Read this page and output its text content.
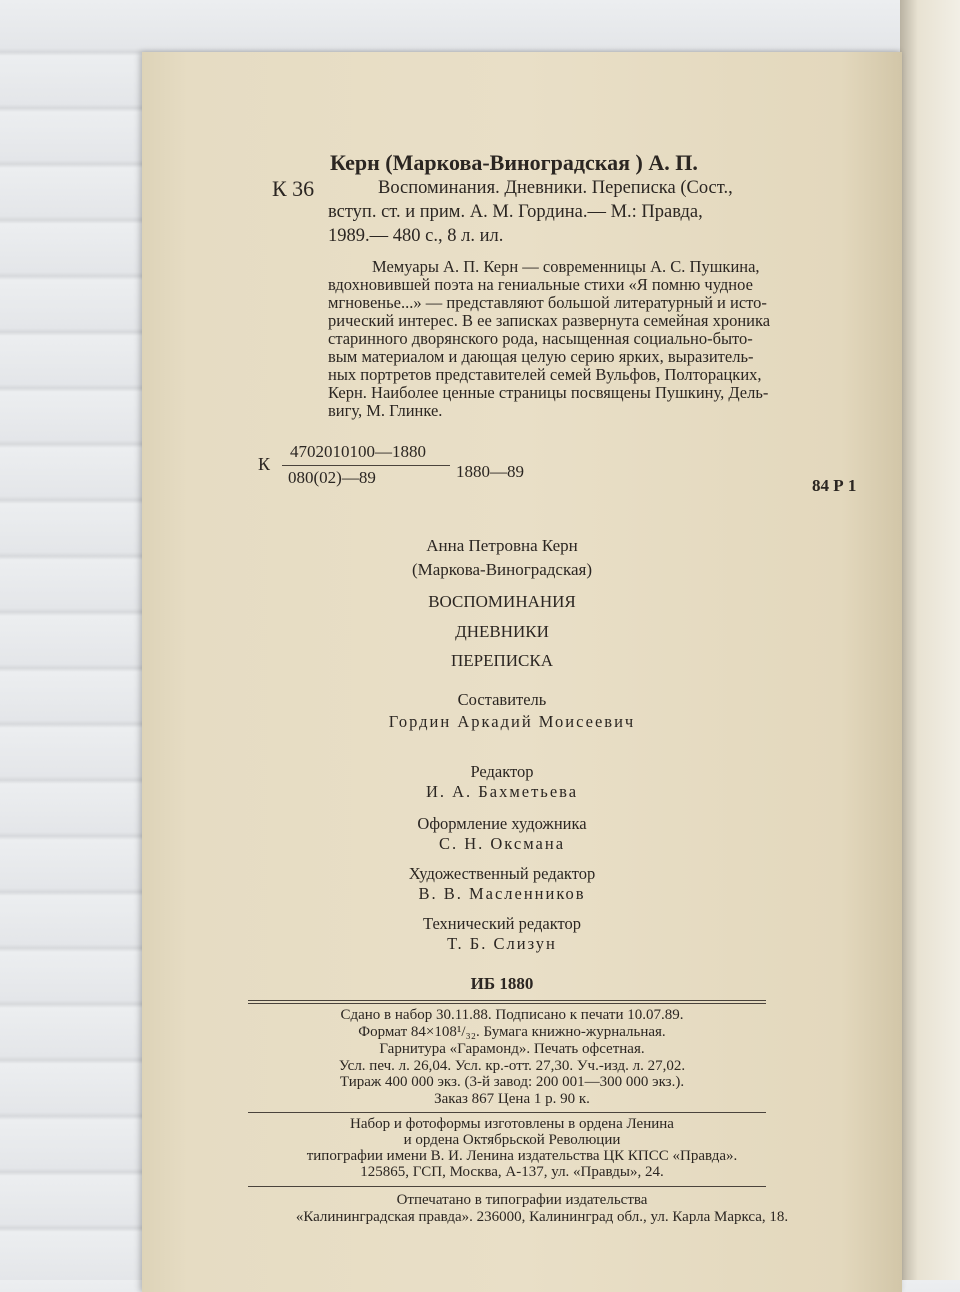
Керн (Маркова-Виноградская ) А. П.
К 36	Воспоминания. Дневники. Переписка (Сост.,
вступ. ст. и прим. А. М. Гордина.— М.: Правда,
1989.— 480 с., 8 л. ил.
Мемуары А. П. Керн — современницы А. С. Пушкина,
вдохновившей поэта на гениальные стихи «Я помню чудное
мгновенье...» — представляют большой литературный и исто-
рический интерес. В ее записках развернута семейная хроника
старинного дворянского рода, насыщенная социально-быто-
вым материалом и дающая целую серию ярких, выразитель-
ных портретов представителей семей Вульфов, Полторацких,
Керн. Наиболее ценные страницы посвящены Пушкину, Дель-
вигу, М. Глинке.
К
4702010100—1880
080(02)—89	1880—89
84 Р 1
Анна Петровна Керн
(Маркова-Виноградская)
ВОСПОМИНАНИЯ
ДНЕВНИКИ
ПЕРЕПИСКА
Составитель
Гордин Аркадий Моисеевич
Редактор
И. А. Бахметьева
Оформление художника
С. Н. Оксмана
Художественный редактор
В. В. Масленников
Технический редактор
Т. Б. Слизун
ИБ 1880
Сдано в набор 30.11.88. Подписано к печати 10.07.89.
Формат 84×108¹/₃₂. Бумага книжно-журнальная.
Гарнитура «Гарамонд». Печать офсетная.
Усл. печ. л. 26,04. Усл. кр.-отт. 27,30. Уч.-изд. л. 27,02.
Тираж 400 000 экз. (3-й завод: 200 001—300 000 экз.).
Заказ 867 Цена 1 р. 90 к.
Набор и фотоформы изготовлены в ордена Ленина
и ордена Октябрьской Революции
типографии имени В. И. Ленина издательства ЦК КПСС «Правда».
125865, ГСП, Москва, А-137, ул. «Правды», 24.
Отпечатано в типографии издательства
«Калининградская правда». 236000, Калининград обл., ул. Карла Маркса, 18.
